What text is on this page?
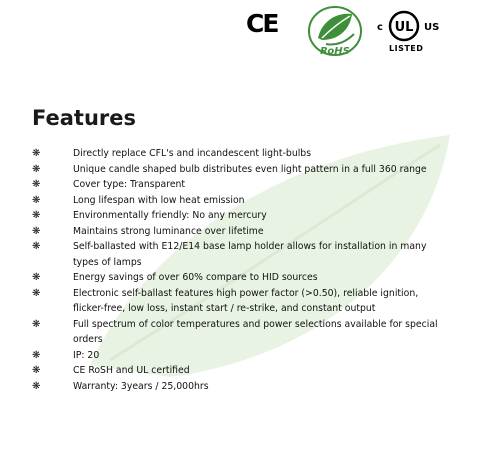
CE
RoHS
c UL US
LISTED
Features
❋	Directly replace CFL's and incandescent light-bulbs
❋	Unique candle shaped bulb distributes even light pattern in a full 360 range
❋	Cover type: Transparent
❋	Long lifespan with low heat emission
❋	Environmentally friendly: No any mercury
❋	Maintains strong luminance over lifetime
❋	Self-ballasted with E12/E14 base lamp holder allows for installation in many types of lamps
❋	Energy savings of over 60% compare to HID sources
❋	Electronic self-ballast features high power factor (>0.50), reliable ignition, flicker-free, low loss, instant start / re-strike, and constant output
❋	Full spectrum of color temperatures and power selections available for special orders
❋	IP: 20
❋	CE RoSH and UL certified
❋	Warranty: 3years / 25,000hrs
